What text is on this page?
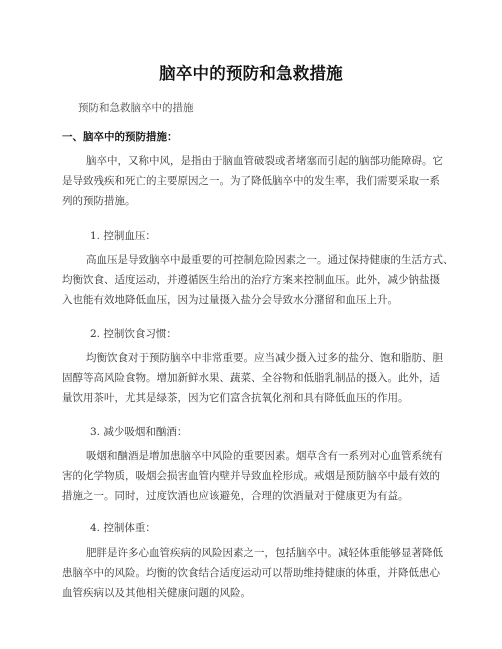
脑卒中的预防和急救措施
预防和急救脑卒中的措施
一、脑卒中的预防措施：
脑卒中，又称中风，是指由于脑血管破裂或者堵塞而引起的脑部功能障碍。它
是导致残疾和死亡的主要原因之一。为了降低脑卒中的发生率，我们需要采取一系
列的预防措施。
1. 控制血压：
高血压是导致脑卒中最重要的可控制危险因素之一。通过保持健康的生活方式、
均衡饮食、适度运动，并遵循医生给出的治疗方案来控制血压。此外，减少钠盐摄
入也能有效地降低血压，因为过量摄入盐分会导致水分潴留和血压上升。
2. 控制饮食习惯：
均衡饮食对于预防脑卒中非常重要。应当减少摄入过多的盐分、饱和脂肪、胆
固醇等高风险食物。增加新鲜水果、蔬菜、全谷物和低脂乳制品的摄入。此外，适
量饮用茶叶，尤其是绿茶，因为它们富含抗氧化剂和具有降低血压的作用。
3. 减少吸烟和酗酒：
吸烟和酗酒是增加患脑卒中风险的重要因素。烟草含有一系列对心血管系统有
害的化学物质，吸烟会损害血管内壁并导致血栓形成。戒烟是预防脑卒中最有效的
措施之一。同时，过度饮酒也应该避免，合理的饮酒量对于健康更为有益。
4. 控制体重：
肥胖是许多心血管疾病的风险因素之一，包括脑卒中。减轻体重能够显著降低
患脑卒中的风险。均衡的饮食结合适度运动可以帮助维持健康的体重，并降低患心
血管疾病以及其他相关健康问题的风险。
